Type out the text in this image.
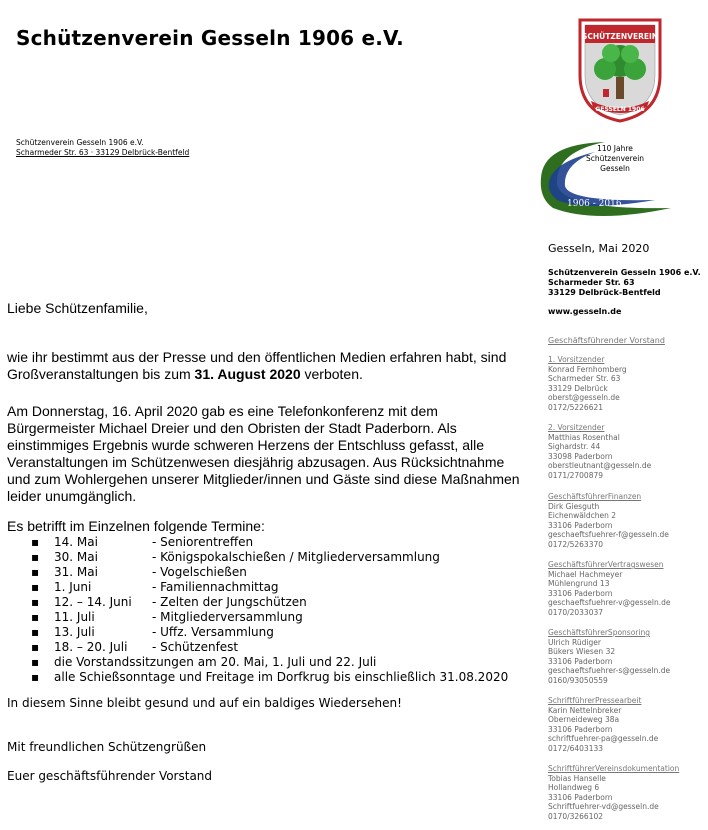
Schützenverein Gesseln 1906 e.V.
Schützenverein Gesseln 1906 e.V.
Scharmeder Str. 63 · 33129 Delbrück-Bentfeld
SCHÜTZENVEREIN
GESSELN 1906
110 Jahre
Schützenverein
Gesseln
1906 - 2006
2009 - 2009
1906 - 2016
Liebe Schützenfamilie,
wie ihr bestimmt aus der Presse und den öffentlichen Medien erfahren habt, sind Großveranstaltungen bis zum 31. August 2020 verboten.
Am Donnerstag, 16. April 2020 gab es eine Telefonkonferenz mit dem Bürgermeister Michael Dreier und den Obristen der Stadt Paderborn. Als einstimmiges Ergebnis wurde schweren Herzens der Entschluss gefasst, alle Veranstaltungen im Schützenwesen diesjährig abzusagen. Aus Rücksichtnahme und zum Wohlergehen unserer Mitglieder/innen und Gäste sind diese Maßnahmen leider unumgänglich.
Es betrifft im Einzelnen folgende Termine:
▪ 14. Mai	- Seniorentreffen
▪ 30. Mai	- Königspokalschießen / Mitgliederversammlung
▪ 31. Mai	- Vogelschießen
▪ 1. Juni	- Familiennachmittag
▪ 12. – 14. Juni - Zelten der Jungschützen
▪ 11. Juli	- Mitgliederversammlung
▪ 13. Juli	- Uffz. Versammlung
▪ 18. – 20. Juli - Schützenfest
▪ die Vorstandssitzungen am 20. Mai, 1. Juli und 22. Juli
▪ alle Schießsonntage und Freitage im Dorfkrug bis einschließlich 31.08.2020
In diesem Sinne bleibt gesund und auf ein baldiges Wiedersehen!
Mit freundlichen Schützengrüßen
Euer geschäftsführender Vorstand
Gesseln, Mai 2020
Schützenverein Gesseln 1906 e.V.
Scharmeder Str. 63
33129 Delbrück-Bentfeld
www.gesseln.de
Geschäftsführender Vorstand
1. Vorsitzender
Konrad Fernhomberg
Scharmeder Str. 63
33129 Delbrück
oberst@gesseln.de
0172/5226621
2. Vorsitzender
Matthias Rosenthal
Sighardstr. 44
33098 Paderborn
oberstleutnant@gesseln.de
0171/2700879
GeschäftsführerFinanzen
Dirk Giesguth
Eichenwäldchen 2
33106 Paderborn
geschaeftsfuehrer-f@gesseln.de
0172/5263370
GeschäftsführerVertragswesen
Michael Hachmeyer
Mühlengrund 13
33106 Paderborn
geschaeftsfuehrer-v@gesseln.de
0170/2033037
GeschäftsführerSponsoring
Ulrich Rüdiger
Bükers Wiesen 32
33106 Paderborn
geschaeftsfuehrer-s@gesseln.de
0160/93050559
SchriftführerPressearbeit
Karin Nettelnbreker
Oberneideweg 38a
33106 Paderborn
schriftfuehrer-pa@gesseln.de
0172/6403133
SchriftführerVereinsdokumentation
Tobias Hanselle
Hollandweg 6
33106 Paderborn
Schriftfuehrer-vd@gesseln.de
0170/3266102
